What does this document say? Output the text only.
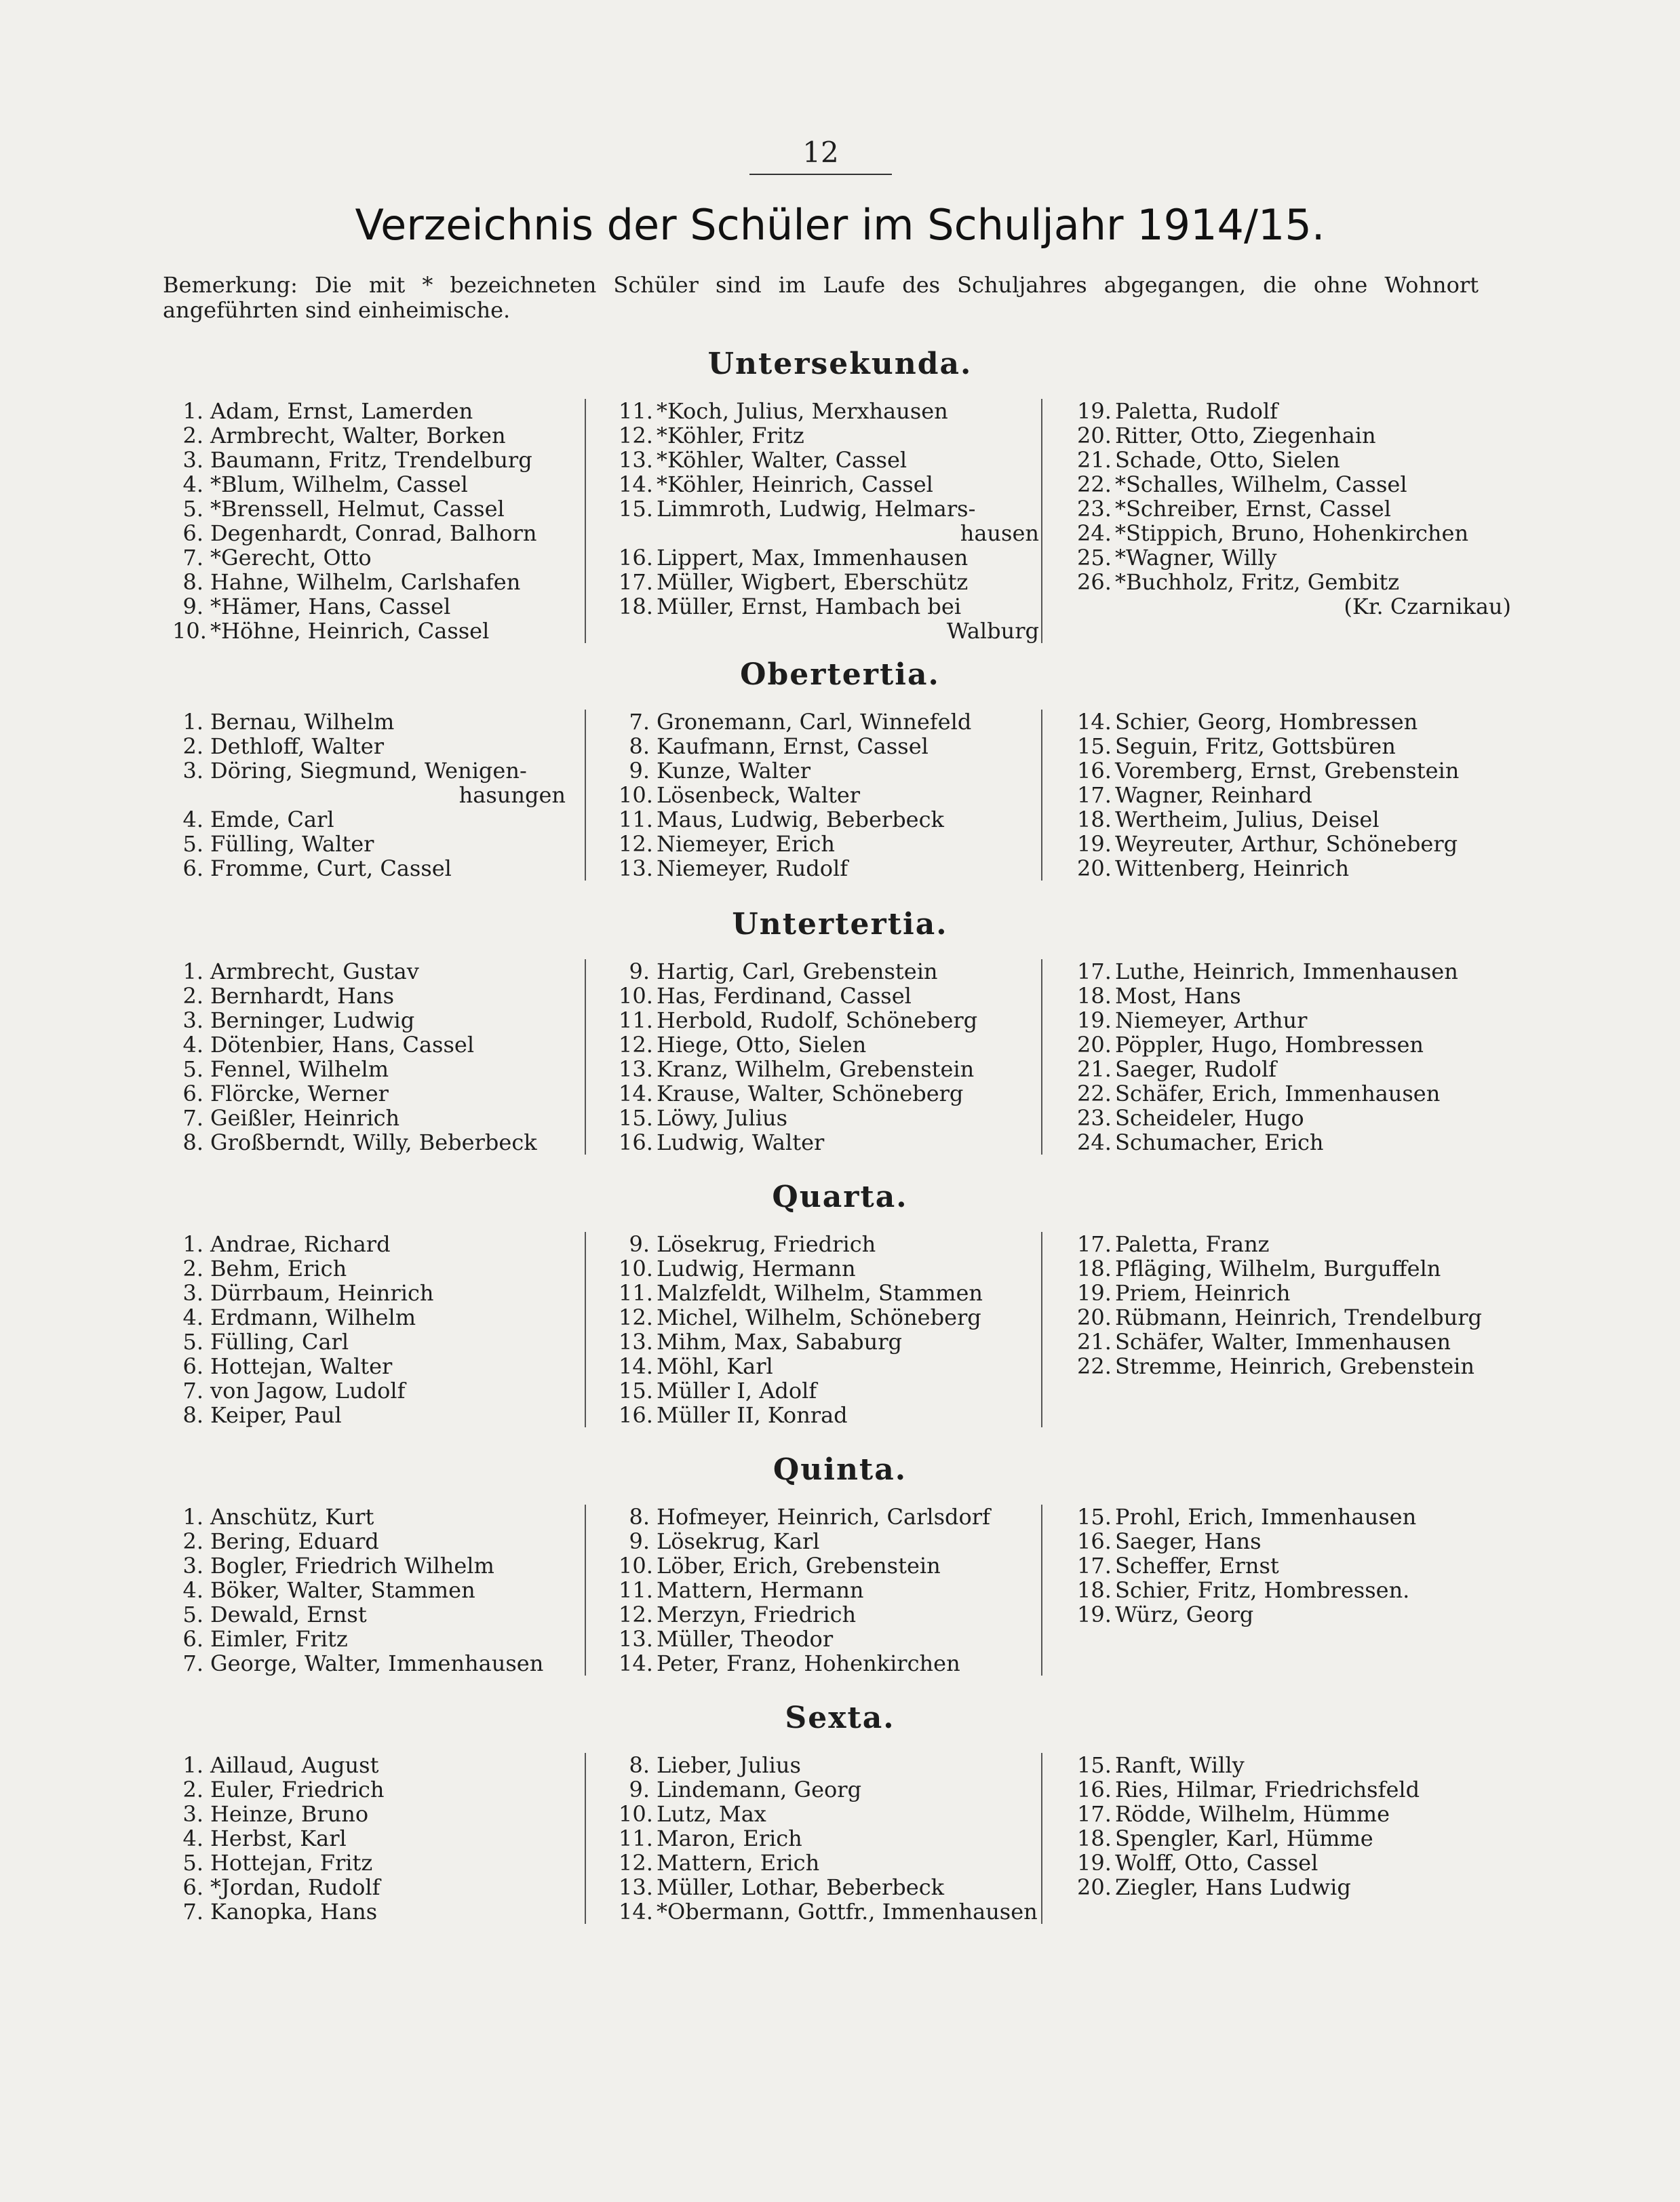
12
Verzeichnis der Schüler im Schuljahr 1914/15.
Bemerkung: Die mit * bezeichneten Schüler sind im Laufe des Schuljahres abgegangen, die ohne Wohnort angeführten sind einheimische.
Untersekunda.
1. Adam, Ernst, Lamerden
2. Armbrecht, Walter, Borken
3. Baumann, Fritz, Trendelburg
4. *Blum, Wilhelm, Cassel
5. *Brenssell, Helmut, Cassel
6. Degenhardt, Conrad, Balhorn
7. *Gerecht, Otto
8. Hahne, Wilhelm, Carlshafen
9. *Hämer, Hans, Cassel
10. *Höhne, Heinrich, Cassel
11. *Koch, Julius, Merxhausen
12. *Köhler, Fritz
13. *Köhler, Walter, Cassel
14. *Köhler, Heinrich, Cassel
15. Limmroth, Ludwig, Helmars-
hausen
16. Lippert, Max, Immenhausen
17. Müller, Wigbert, Eberschütz
18. Müller, Ernst, Hambach bei
Walburg
19. Paletta, Rudolf
20. Ritter, Otto, Ziegenhain
21. Schade, Otto, Sielen
22. *Schalles, Wilhelm, Cassel
23. *Schreiber, Ernst, Cassel
24. *Stippich, Bruno, Hohenkirchen
25. *Wagner, Willy
26. *Buchholz, Fritz, Gembitz
(Kr. Czarnikau)
Obertertia.
1. Bernau, Wilhelm
2. Dethloff, Walter
3. Döring, Siegmund, Wenigen-
hasungen
4. Emde, Carl
5. Fülling, Walter
6. Fromme, Curt, Cassel
7. Gronemann, Carl, Winnefeld
8. Kaufmann, Ernst, Cassel
9. Kunze, Walter
10. Lösenbeck, Walter
11. Maus, Ludwig, Beberbeck
12. Niemeyer, Erich
13. Niemeyer, Rudolf
14. Schier, Georg, Hombressen
15. Seguin, Fritz, Gottsbüren
16. Voremberg, Ernst, Grebenstein
17. Wagner, Reinhard
18. Wertheim, Julius, Deisel
19. Weyreuter, Arthur, Schöneberg
20. Wittenberg, Heinrich
Untertertia.
1. Armbrecht, Gustav
2. Bernhardt, Hans
3. Berninger, Ludwig
4. Dötenbier, Hans, Cassel
5. Fennel, Wilhelm
6. Flörcke, Werner
7. Geißler, Heinrich
8. Großberndt, Willy, Beberbeck
9. Hartig, Carl, Grebenstein
10. Has, Ferdinand, Cassel
11. Herbold, Rudolf, Schöneberg
12. Hiege, Otto, Sielen
13. Kranz, Wilhelm, Grebenstein
14. Krause, Walter, Schöneberg
15. Löwy, Julius
16. Ludwig, Walter
17. Luthe, Heinrich, Immenhausen
18. Most, Hans
19. Niemeyer, Arthur
20. Pöppler, Hugo, Hombressen
21. Saeger, Rudolf
22. Schäfer, Erich, Immenhausen
23. Scheideler, Hugo
24. Schumacher, Erich
Quarta.
1. Andrae, Richard
2. Behm, Erich
3. Dürrbaum, Heinrich
4. Erdmann, Wilhelm
5. Fülling, Carl
6. Hottejan, Walter
7. von Jagow, Ludolf
8. Keiper, Paul
9. Lösekrug, Friedrich
10. Ludwig, Hermann
11. Malzfeldt, Wilhelm, Stammen
12. Michel, Wilhelm, Schöneberg
13. Mihm, Max, Sababurg
14. Möhl, Karl
15. Müller I, Adolf
16. Müller II, Konrad
17. Paletta, Franz
18. Pfläging, Wilhelm, Burguffeln
19. Priem, Heinrich
20. Rübmann, Heinrich, Trendelburg
21. Schäfer, Walter, Immenhausen
22. Stremme, Heinrich, Grebenstein
Quinta.
1. Anschütz, Kurt
2. Bering, Eduard
3. Bogler, Friedrich Wilhelm
4. Böker, Walter, Stammen
5. Dewald, Ernst
6. Eimler, Fritz
7. George, Walter, Immenhausen
8. Hofmeyer, Heinrich, Carlsdorf
9. Lösekrug, Karl
10. Löber, Erich, Grebenstein
11. Mattern, Hermann
12. Merzyn, Friedrich
13. Müller, Theodor
14. Peter, Franz, Hohenkirchen
15. Prohl, Erich, Immenhausen
16. Saeger, Hans
17. Scheffer, Ernst
18. Schier, Fritz, Hombressen.
19. Würz, Georg
Sexta.
1. Aillaud, August
2. Euler, Friedrich
3. Heinze, Bruno
4. Herbst, Karl
5. Hottejan, Fritz
6. *Jordan, Rudolf
7. Kanopka, Hans
8. Lieber, Julius
9. Lindemann, Georg
10. Lutz, Max
11. Maron, Erich
12. Mattern, Erich
13. Müller, Lothar, Beberbeck
14. *Obermann, Gottfr., Immenhausen
15. Ranft, Willy
16. Ries, Hilmar, Friedrichsfeld
17. Rödde, Wilhelm, Hümme
18. Spengler, Karl, Hümme
19. Wolff, Otto, Cassel
20. Ziegler, Hans Ludwig
